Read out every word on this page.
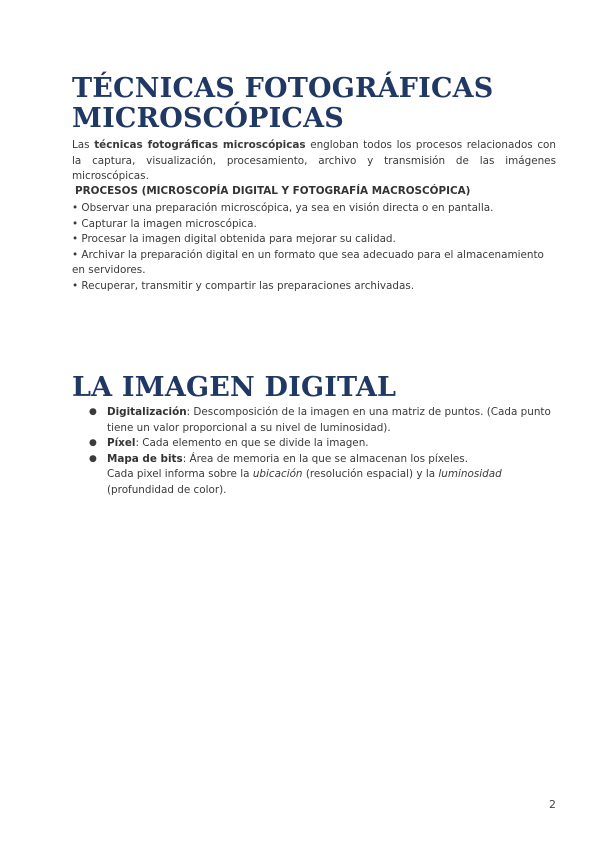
TÉCNICAS FOTOGRÁFICAS MICROSCÓPICAS

Las técnicas fotográficas microscópicas engloban todos los procesos relacionados con la captura, visualización, procesamiento, archivo y transmisión de las imágenes microscópicas.

PROCESOS (MICROSCOPÍA DIGITAL Y FOTOGRAFÍA MACROSCÓPICA)

• Observar una preparación microscópica, ya sea en visión directa o en pantalla.
• Capturar la imagen microscópica.
• Procesar la imagen digital obtenida para mejorar su calidad.
• Archivar la preparación digital en un formato que sea adecuado para el almacenamiento en servidores.
• Recuperar, transmitir y compartir las preparaciones archivadas.

LA IMAGEN DIGITAL
● Digitalización: Descomposición de la imagen en una matriz de puntos. (Cada punto tiene un valor proporcional a su nivel de luminosidad).
● Píxel: Cada elemento en que se divide la imagen.
● Mapa de bits: Área de memoria en la que se almacenan los píxeles.
Cada pixel informa sobre la ubicación (resolución espacial) y la luminosidad (profundidad de color).
2
